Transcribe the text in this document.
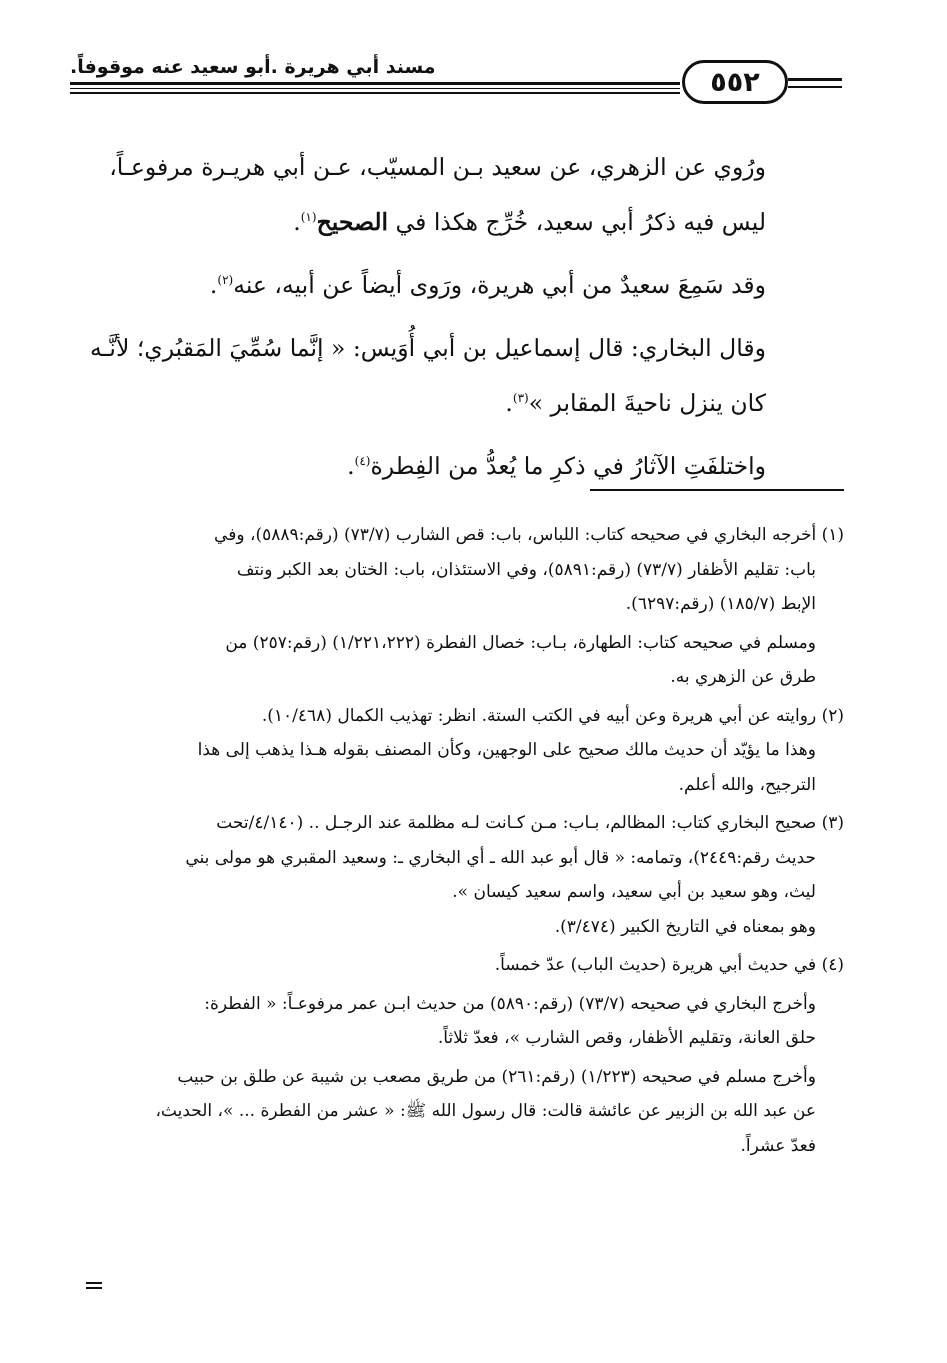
مسند أبي هريرة .أبو سعيد عنه موقوفاً.	٥٥٢

ورُوي عن الزهري، عن سعيد بـن المسيّب، عـن أبي هريـرة مرفوعـاً،
ليس فيه ذكرُ أبي سعيد، خُرِّج هكذا في الصحيح$^{(١)}$.

وقد سَمِعَ سعيدٌ من أبي هريرة، ورَوى أيضاً عن أبيه، عنه$^{(٢)}$.

وقال البخاري: قال إسماعيل بن أبي أُوَيس: « إنَّما سُمِّيَ المَقبُري؛ لأنَّـه
كان ينزل ناحيةَ المقابر »$^{(٣)}$.

واختلفَتِ الآثارُ في ذكرِ ما يُعدُّ من الفِطرة$^{(٤)}$.

(١) أخرجه البخاري في صحيحه كتاب: اللباس، باب: قص الشارب (٧٣/٧) (رقم:٥٨٨٩)، وفي

باب: تقليم الأظفار (٧٣/٧) (رقم:٥٨٩١)، وفي الاستئذان، باب: الختان بعد الكبر ونتف

الإبط (١٨٥/٧) (رقم:٦٢٩٧).

ومسلم في صحيحه كتاب: الطهارة، بـاب: خصال الفطرة (١/٢٢١،٢٢٢) (رقم:٢٥٧) من

طرق عن الزهري به.

(٢) روايته عن أبي هريرة وعن أبيه في الكتب الستة. انظر: تهذيب الكمال (١٠/٤٦٨).

وهذا ما يؤيّد أن حديث مالك صحيح على الوجهين، وكأن المصنف بقوله هـذا يذهب إلى هذا

الترجيح، والله أعلم.

(٣) صحيح البخاري كتاب: المظالم، بـاب: مـن كـانت لـه مظلمة عند الرجـل .. (٤/١٤٠/تحت

حديث رقم:٢٤٤٩)، وتمامه: « قال أبو عبد الله ـ أي البخاري ـ: وسعيد المقبري هو مولى بني

ليث، وهو سعيد بن أبي سعيد، واسم سعيد كيسان ».

وهو بمعناه في التاريخ الكبير (٣/٤٧٤).

(٤) في حديث أبي هريرة (حديث الباب) عدّ خمساً.

وأخرج البخاري في صحيحه (٧٣/٧) (رقم:٥٨٩٠) من حديث ابـن عمر مرفوعـاً: « الفطرة:

حلق العانة، وتقليم الأظفار، وقص الشارب »، فعدّ ثلاثاً.

وأخرج مسلم في صحيحه (١/٢٢٣) (رقم:٢٦١) من طريق مصعب بن شيبة عن طلق بن حبيب

عن عبد الله بن الزبير عن عائشة قالت: قال رسول الله ﷺ: « عشر من الفطرة ... »، الحديث،

فعدّ عشراً.
